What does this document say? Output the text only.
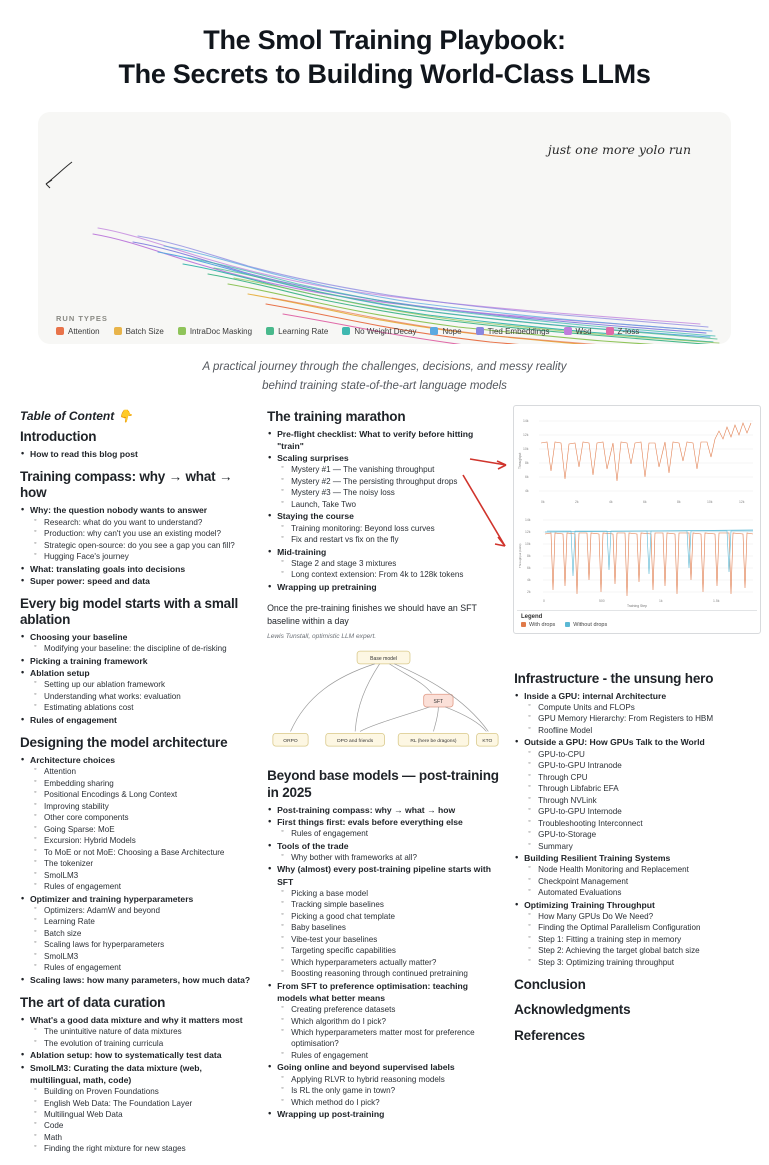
The Smol Training Playbook:
The Secrets to Building World-Class LLMs
just one more yolo run
RUN TYPES
Attention	Batch Size	IntraDoc Masking	Learning Rate	No Weight Decay	Nope	Tied Embeddings	Wsd	Z-loss
A practical journey through the challenges, decisions, and messy reality
behind training state-of-the-art language models
14k
12k
10k
8k
6k
4k
0k	2k	4k	6k	8k	10k	12k
Throughput
14k
12k
10k
8k
6k
4k
2k
0	500	1k	1.5k
Training Step
Throughput (tok/s)
Legend
With drops	Without drops
Table of Content 👇
Introduction
• How to read this blog post
Training compass: why → what → how
• Why: the question nobody wants to answer
◦ Research: what do you want to understand?
◦ Production: why can't you use an existing model?
◦ Strategic open-source: do you see a gap you can fill?
◦ Hugging Face's journey
• What: translating goals into decisions
• Super power: speed and data
Every big model starts with a small ablation
• Choosing your baseline
◦ Modifying your baseline: the discipline of de-risking
• Picking a training framework
• Ablation setup
◦ Setting up our ablation framework
◦ Understanding what works: evaluation
◦ Estimating ablations cost
• Rules of engagement
Designing the model architecture
• Architecture choices
◦ Attention
◦ Embedding sharing
◦ Positional Encodings & Long Context
◦ Improving stability
◦ Other core components
◦ Going Sparse: MoE
◦ Excursion: Hybrid Models
◦ To MoE or not MoE: Choosing a Base Architecture
◦ The tokenizer
◦ SmolLM3
◦ Rules of engagement
• Optimizer and training hyperparameters
◦ Optimizers: AdamW and beyond
◦ Learning Rate
◦ Batch size
◦ Scaling laws for hyperparameters
◦ SmolLM3
◦ Rules of engagement
• Scaling laws: how many parameters, how much data?
The art of data curation
• What's a good data mixture and why it matters most
◦ The unintuitive nature of data mixtures
◦ The evolution of training curricula
• Ablation setup: how to systematically test data
• SmolLM3: Curating the data mixture (web, multilingual, math, code)
◦ Building on Proven Foundations
◦ English Web Data: The Foundation Layer
◦ Multilingual Web Data
◦ Code
◦ Math
◦ Finding the right mixture for new stages
The training marathon
• Pre-flight checklist: What to verify before hitting "train"
• Scaling surprises
◦ Mystery #1 — The vanishing throughput
◦ Mystery #2 — The persisting throughput drops
◦ Mystery #3 — The noisy loss
◦ Launch, Take Two
• Staying the course
◦ Training monitoring: Beyond loss curves
◦ Fix and restart vs fix on the fly
• Mid-training
◦ Stage 2 and stage 3 mixtures
◦ Long context extension: From 4k to 128k tokens
• Wrapping up pretraining
Once the pre-training finishes we should have an SFT baseline within a day
Lewis Tunstall, optimistic LLM expert.
Base model
SFT
ORPO	DPO and friends	RL (here be dragons)	KTO
Beyond base models — post-training in 2025
• Post-training compass: why → what → how
• First things first: evals before everything else
◦ Rules of engagement
• Tools of the trade
◦ Why bother with frameworks at all?
• Why (almost) every post-training pipeline starts with SFT
◦ Picking a base model
◦ Tracking simple baselines
◦ Picking a good chat template
◦ Baby baselines
◦ Vibe-test your baselines
◦ Targeting specific capabilities
◦ Which hyperparameters actually matter?
◦ Boosting reasoning through continued pretraining
• From SFT to preference optimisation: teaching models what better means
◦ Creating preference datasets
◦ Which algorithm do I pick?
◦ Which hyperparameters matter most for preference optimisation?
◦ Rules of engagement
• Going online and beyond supervised labels
◦ Applying RLVR to hybrid reasoning models
◦ Is RL the only game in town?
◦ Which method do I pick?
• Wrapping up post-training
Infrastructure - the unsung hero
• Inside a GPU: internal Architecture
◦ Compute Units and FLOPs
◦ GPU Memory Hierarchy: From Registers to HBM
◦ Roofline Model
• Outside a GPU: How GPUs Talk to the World
◦ GPU-to-CPU
◦ GPU-to-GPU Intranode
◦ Through CPU
◦ Through Libfabric EFA
◦ Through NVLink
◦ GPU-to-GPU Internode
◦ Troubleshooting Interconnect
◦ GPU-to-Storage
◦ Summary
• Building Resilient Training Systems
◦ Node Health Monitoring and Replacement
◦ Checkpoint Management
◦ Automated Evaluations
• Optimizing Training Throughput
◦ How Many GPUs Do We Need?
◦ Finding the Optimal Parallelism Configuration
◦ Step 1: Fitting a training step in memory
◦ Step 2: Achieving the target global batch size
◦ Step 3: Optimizing training throughput
Conclusion
Acknowledgments
References
